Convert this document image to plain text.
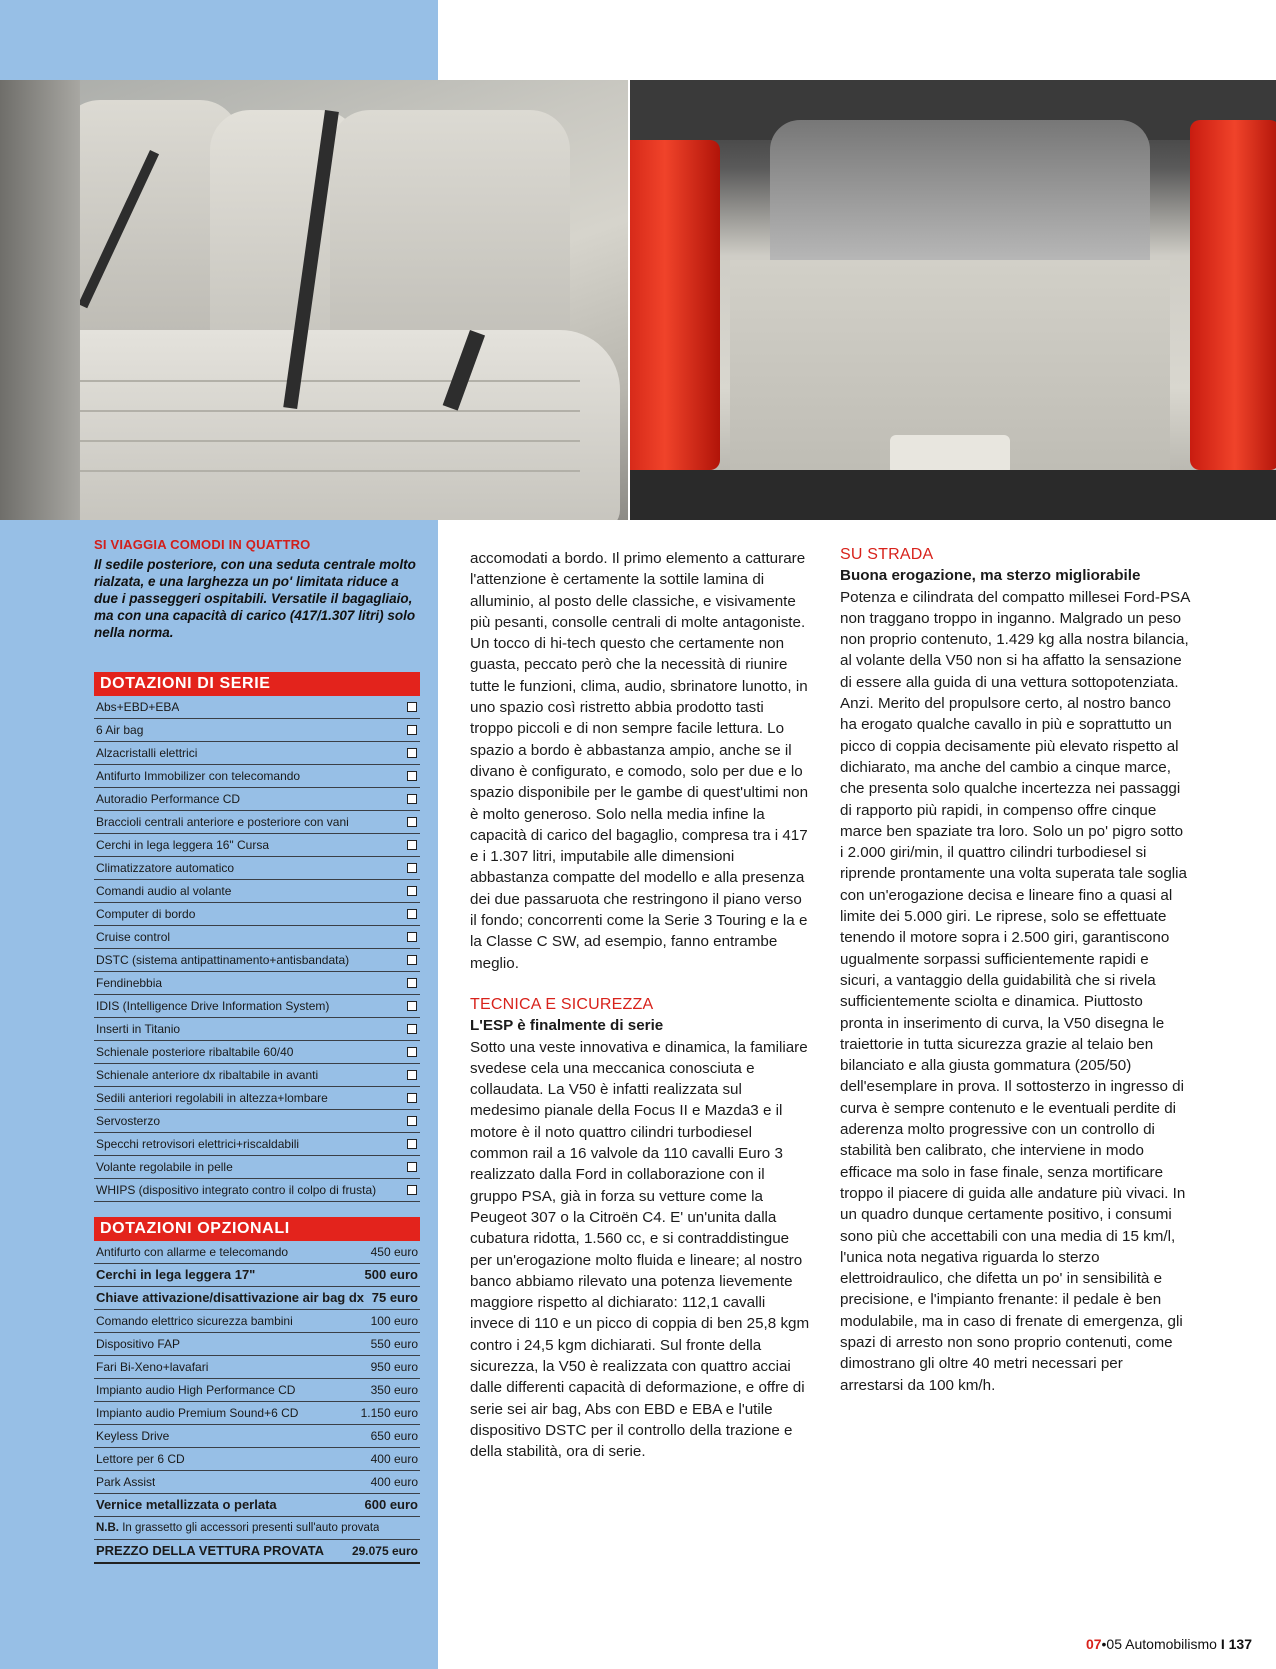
SI VIAGGIA COMODI IN QUATTRO
Il sedile posteriore, con una seduta centrale molto rialzata, e una larghezza un po' limitata riduce a due i passeggeri ospitabili. Versatile il bagagliaio, ma con una capacità di carico (417/1.307 litri) solo nella norma.
DOTAZIONI DI SERIE
Abs+EBD+EBA
6 Air bag
Alzacristalli elettrici
Antifurto Immobilizer con telecomando
Autoradio Performance CD
Braccioli centrali anteriore e posteriore con vani
Cerchi in lega leggera 16" Cursa
Climatizzatore automatico
Comandi audio al volante
Computer di bordo
Cruise control
DSTC (sistema antipattinamento+antisbandata)
Fendinebbia
IDIS (Intelligence Drive Information System)
Inserti in Titanio
Schienale posteriore ribaltabile 60/40
Schienale anteriore dx ribaltabile in avanti
Sedili anteriori regolabili in altezza+lombare
Servosterzo
Specchi retrovisori elettrici+riscaldabili
Volante regolabile in pelle
WHIPS (dispositivo integrato contro il colpo di frusta)
DOTAZIONI OPZIONALI
Antifurto con allarme e telecomando	450 euro
Cerchi in lega leggera 17"	500 euro
Chiave attivazione/disattivazione air bag dx 75 euro
Comando elettrico sicurezza bambini	100 euro
Dispositivo FAP	550 euro
Fari Bi-Xeno+lavafari	950 euro
Impianto audio High Performance CD	350 euro
Impianto audio Premium Sound+6 CD	1.150 euro
Keyless Drive	650 euro
Lettore per 6 CD	400 euro
Park Assist	400 euro
Vernice metallizzata o perlata	600 euro
N.B. In grassetto gli accessori presenti sull'auto provata
PREZZO DELLA VETTURA PROVATA 29.075 euro

accomodati a bordo. Il primo elemento a catturare l'attenzione è certamente la sottile lamina di alluminio, al posto delle classiche, e visivamente più pesanti, consolle centrali di molte antagoniste. Un tocco di hi-tech questo che certamente non guasta, peccato però che la necessità di riunire tutte le funzioni, clima, audio, sbrinatore lunotto, in uno spazio così ristretto abbia prodotto tasti troppo piccoli e di non sempre facile lettura. Lo spazio a bordo è abbastanza ampio, anche se il divano è configurato, e comodo, solo per due e lo spazio disponibile per le gambe di quest'ultimi non è molto generoso. Solo nella media infine la capacità di carico del bagaglio, compresa tra i 417 e i 1.307 litri, imputabile alle dimensioni abbastanza compatte del modello e alla presenza dei due passaruota che restringono il piano verso il fondo; concorrenti come la Serie 3 Touring e la e la Classe C SW, ad esempio, fanno entrambe meglio.

TECNICA E SICUREZZA

L'ESP è finalmente di serie

Sotto una veste innovativa e dinamica, la familiare svedese cela una meccanica conosciuta e collaudata. La V50 è infatti realizzata sul medesimo pianale della Focus II e Mazda3 e il motore è il noto quattro cilindri turbodiesel common rail a 16 valvole da 110 cavalli Euro 3 realizzato dalla Ford in collaborazione con il gruppo PSA, già in forza su vetture come la Peugeot 307 o la Citroën C4. E' un'unita dalla cubatura ridotta, 1.560 cc, e si contraddistingue per un'erogazione molto fluida e lineare; al nostro banco abbiamo rilevato una potenza lievemente maggiore rispetto al dichiarato: 112,1 cavalli invece di 110 e un picco di coppia di ben 25,8 kgm contro i 24,5 kgm dichiarati. Sul fronte della sicurezza, la V50 è realizzata con quattro acciai dalle differenti capacità di deformazione, e offre di serie sei air bag, Abs con EBD e EBA e l'utile dispositivo DSTC per il controllo della trazione e della stabilità, ora di serie.

SU STRADA

Buona erogazione, ma sterzo migliorabile

Potenza e cilindrata del compatto millesei Ford-PSA non traggano troppo in inganno. Malgrado un peso non proprio contenuto, 1.429 kg alla nostra bilancia, al volante della V50 non si ha affatto la sensazione di essere alla guida di una vettura sottopotenziata. Anzi. Merito del propulsore certo, al nostro banco ha erogato qualche cavallo in più e soprattutto un picco di coppia decisamente più elevato rispetto al dichiarato, ma anche del cambio a cinque marce, che presenta solo qualche incertezza nei passaggi di rapporto più rapidi, in compenso offre cinque marce ben spaziate tra loro. Solo un po' pigro sotto i 2.000 giri/min, il quattro cilindri turbodiesel si riprende prontamente una volta superata tale soglia con un'erogazione decisa e lineare fino a quasi al limite dei 5.000 giri. Le riprese, solo se effettuate tenendo il motore sopra i 2.500 giri, garantiscono ugualmente sorpassi sufficientemente rapidi e sicuri, a vantaggio della guidabilità che si rivela sufficientemente sciolta e dinamica. Piuttosto pronta in inserimento di curva, la V50 disegna le traiettorie in tutta sicurezza grazie al telaio ben bilanciato e alla giusta gommatura (205/50) dell'esemplare in prova. Il sottosterzo in ingresso di curva è sempre contenuto e le eventuali perdite di aderenza molto progressive con un controllo di stabilità ben calibrato, che interviene in modo efficace ma solo in fase finale, senza mortificare troppo il piacere di guida alle andature più vivaci. In un quadro dunque certamente positivo, i consumi sono più che accettabili con una media di 15 km/l, l'unica nota negativa riguarda lo sterzo elettroidraulico, che difetta un po' in sensibilità e precisione, e l'impianto frenante: il pedale è ben modulabile, ma in caso di frenate di emergenza, gli spazi di arresto non sono proprio contenuti, come dimostrano gli oltre 40 metri necessari per arrestarsi da 100 km/h.

07•05 Automobilismo I 137
